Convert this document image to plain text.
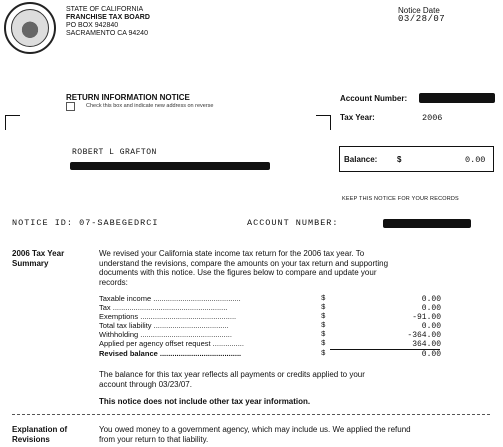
STATE OF CALIFORNIA
FRANCHISE TAX BOARD
PO BOX 942840
SACRAMENTO CA 94240
Notice Date
03/28/07
RETURN INFORMATION NOTICE
Check this box and indicate new address on reverse
Account Number:
Tax Year:	2006
ROBERT L GRAFTON
Balance: $	0.00
KEEP THIS NOTICE FOR YOUR RECORDS
NOTICE ID: 07-SABEGEDRCI	ACCOUNT NUMBER:
2006 Tax Year
Summary
We revised your California state income tax return for the 2006 tax year. To
understand the revisions, compare the amounts on your tax return and supporting
documents with this notice. Use the figures below to compare and update your
records:
Taxable income ..........................................	$	0.00
Tax .......................................................	$	0.00
Exemptions ..............................................	$	-91.00
Total tax liability ....................................	$	0.00
Withholding ............................................	$	-364.00
Applied per agency offset request ...............	$	364.00
Revised balance .......................................	$	0.00
The balance for this tax year reflects all payments or credits applied to your
account through 03/23/07.
This notice does not include other tax year information.
Explanation of
Revisions
You owed money to a government agency, which may include us. We applied the refund
from your return to that liability.
